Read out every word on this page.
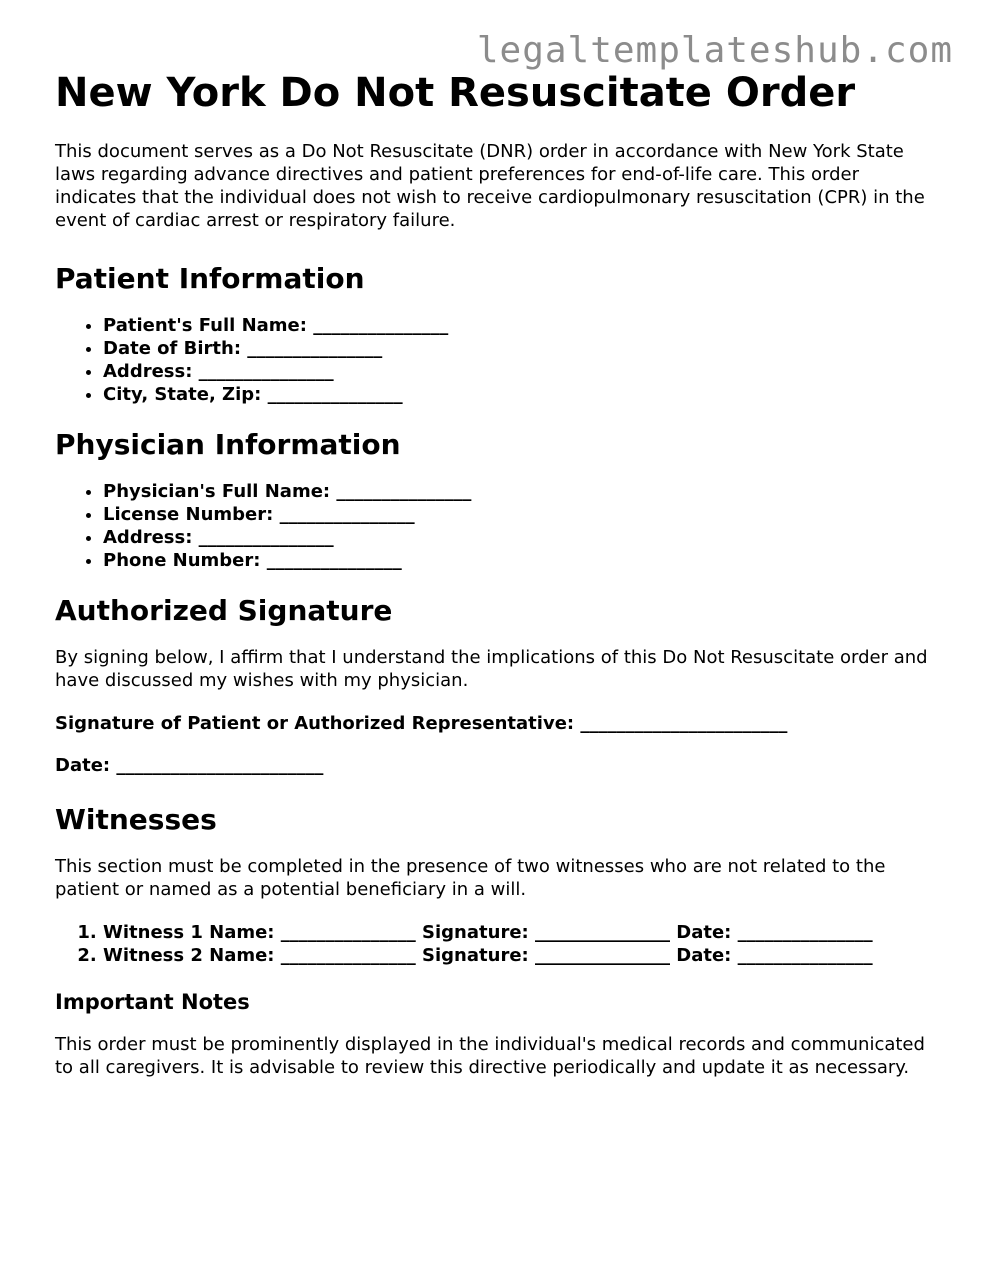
legaltemplateshub.com
New York Do Not Resuscitate Order

This document serves as a Do Not Resuscitate (DNR) order in accordance with New York State laws regarding advance directives and patient preferences for end-of-life care. This order indicates that the individual does not wish to receive cardiopulmonary resuscitation (CPR) in the event of cardiac arrest or respiratory failure.

Patient Information
• Patient's Full Name: _______________
• Date of Birth: _______________
• Address: _______________
• City, State, Zip: _______________
Physician Information
• Physician's Full Name: _______________
• License Number: _______________
• Address: _______________
• Phone Number: _______________
Authorized Signature

By signing below, I affirm that I understand the implications of this Do Not Resuscitate order and have discussed my wishes with my physician.

Signature of Patient or Authorized Representative: _______________________
Date: _______________________
Witnesses

This section must be completed in the presence of two witnesses who are not related to the patient or named as a potential beneficiary in a will.

1. Witness 1 Name: _______________ Signature: _______________ Date: _______________
2. Witness 2 Name: _______________ Signature: _______________ Date: _______________
Important Notes

This order must be prominently displayed in the individual's medical records and communicated to all caregivers. It is advisable to review this directive periodically and update it as necessary.
